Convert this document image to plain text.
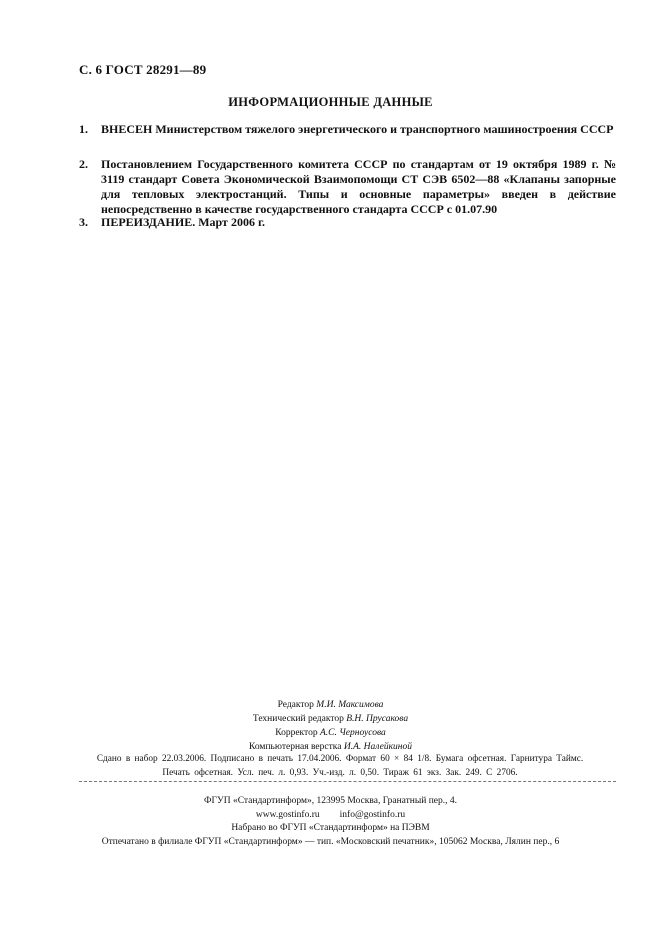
С. 6 ГОСТ 28291—89
ИНФОРМАЦИОННЫЕ ДАННЫЕ
1. ВНЕСЕН Министерством тяжелого энергетического и транспортного машиностроения СССР
2. Постановлением Государственного комитета СССР по стандартам от 19 октября 1989 г. № 3119 стандарт Совета Экономической Взаимопомощи СТ СЭВ 6502—88 «Клапаны запорные для тепловых электростанций. Типы и основные параметры» введен в действие непосредственно в качестве государственного стандарта СССР с 01.07.90
3. ПЕРЕИЗДАНИЕ. Март 2006 г.
Редактор М.И. Максимова
Технический редактор В.Н. Прусакова
Корректор А.С. Черноусова
Компьютерная верстка И.А. Налейкиной
Сдано в набор 22.03.2006. Подписано в печать 17.04.2006. Формат 60 × 84 1/8. Бумага офсетная. Гарнитура Таймс.
Печать офсетная. Усл. печ. л. 0,93. Уч.-изд. л. 0,50. Тираж 61 экз. Зак. 249. С 2706.
ФГУП «Стандартинформ», 123995 Москва, Гранатный пер., 4.
www.gostinfo.ru info@gostinfo.ru
Набрано во ФГУП «Стандартинформ» на ПЭВМ
Отпечатано в филиале ФГУП «Стандартинформ» — тип. «Московский печатник», 105062 Москва, Лялин пер., 6
